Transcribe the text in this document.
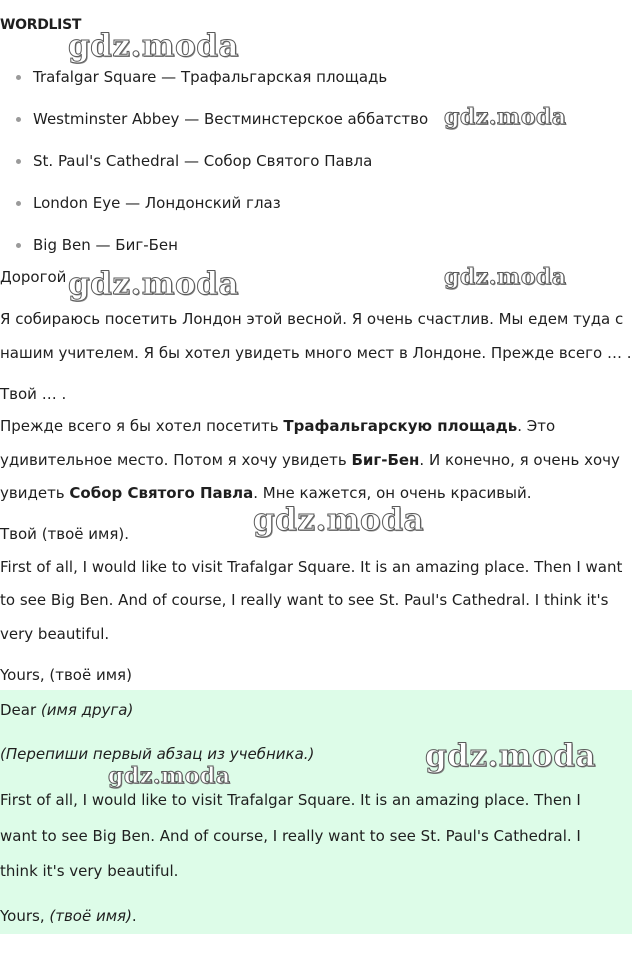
WORDLIST
Trafalgar Square — Трафальгарская площадь
Westminster Abbey — Вестминстерское аббатство
St. Paul's Cathedral — Собор Святого Павла
London Eye — Лондонский глаз
Big Ben — Биг-Бен
Дорогой ... ,
Я собираюсь посетить Лондон этой весной. Я очень счастлив. Мы едем туда с
нашим учителем. Я бы хотел увидеть много мест в Лондоне. Прежде всего … .
Твой … .
Прежде всего я бы хотел посетить Трафальгарскую площадь. Это
удивительное место. Потом я хочу увидеть Биг-Бен. И конечно, я очень хочу
увидеть Собор Святого Павла. Мне кажется, он очень красивый.
Твой (твоё имя).
First of all, I would like to visit Trafalgar Square. It is an amazing place. Then I want
to see Big Ben. And of course, I really want to see St. Paul's Cathedral. I think it's
very beautiful.
Yours, (твоё имя)
Dear (имя друга)
(Перепиши первый абзац из учебника.)
First of all, I would like to visit Trafalgar Square. It is an amazing place. Then I
want to see Big Ben. And of course, I really want to see St. Paul's Cathedral. I
think it's very beautiful.
Yours, (твоё имя).
gdz.moda
gdz.moda
gdz.moda	gdz.moda
gdz.moda
gdz.moda
gdz.moda
